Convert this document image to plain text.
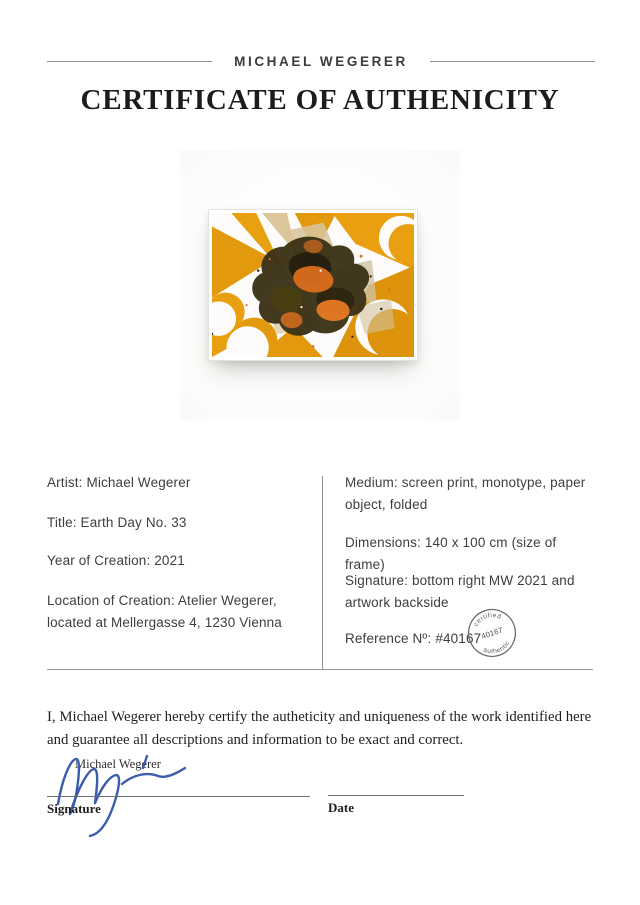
MICHAEL WEGERER
CERTIFICATE OF AUTHENICITY

Artist: Michael Wegerer

Title: Earth Day No. 33

Year of Creation: 2021

Location of Creation: Atelier Wegerer, located at Mellergasse 4, 1230 Vienna

Medium: screen print, monotype, paper object, folded

Dimensions: 140 x 100 cm (size of frame)

Signature: bottom right MW 2021 and artwork backside

Reference Nº: #40167

certified
40167
authentic

I, Michael Wegerer hereby certify the autheticity and uniqueness of the work identified here and guarantee all descriptions and information to be exact and correct.

Michael Wegerer
Signature	Date
